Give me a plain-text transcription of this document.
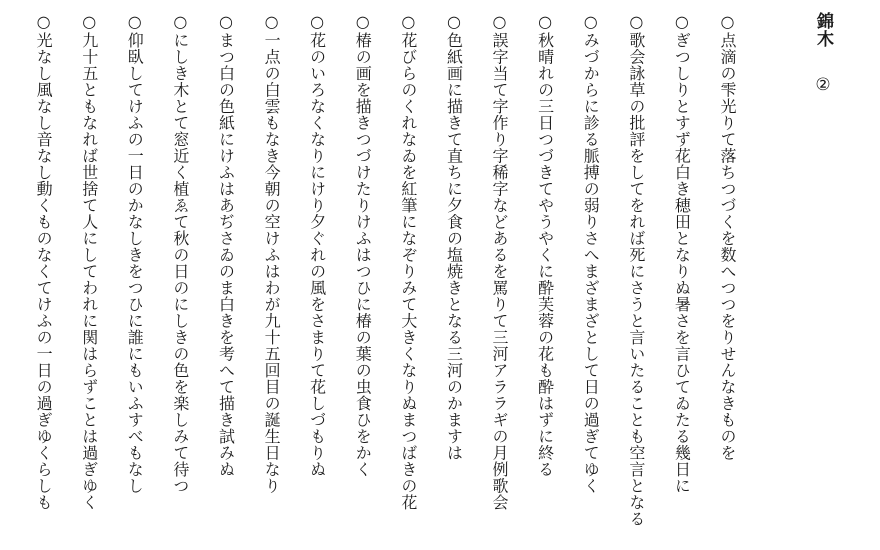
錦木
②
○
点滴の雫光りて落ちつづくを数へつつをりせんなきものを
○
ぎつしりとすず花白き穂田となりぬ暑さを言ひてゐたる幾日に
○
歌会詠草の批評をしてをれば死にさうと言いたることも空言となる
○
みづからに診る脈搏の弱りさへまざまざとして日の過ぎてゆく
○
秋晴れの三日つづきてやうやくに酔芙蓉の花も酔はずに終る
○
誤字当て字作り字稀字などあるを罵りて三河アララギの月例歌会
○
色紙画に描きて直ちに夕食の塩焼きとなる三河のかますは
○
花びらのくれなゐを紅筆になぞりみて大きくなりぬまつばきの花
○
椿の画を描きつづけたりけふはつひに椿の葉の虫食ひをかく
○
花のいろなくなりにけり夕ぐれの風をさまりて花しづもりぬ
○
一点の白雲もなき今朝の空けふはわが九十五回目の誕生日なり
○
まつ白の色紙にけふはあぢさゐのま白きを考へて描き試みぬ
○
にしき木とて窓近く植ゑて秋の日のにしきの色を楽しみて待つ
○
仰臥してけふの一日のかなしきをつひに誰にもいふすべもなし
○
九十五ともなれば世捨て人にしてわれに関はらずことは過ぎゆく
○
光なし風なし音なし動くものなくてけふの一日の過ぎゆくらしも
